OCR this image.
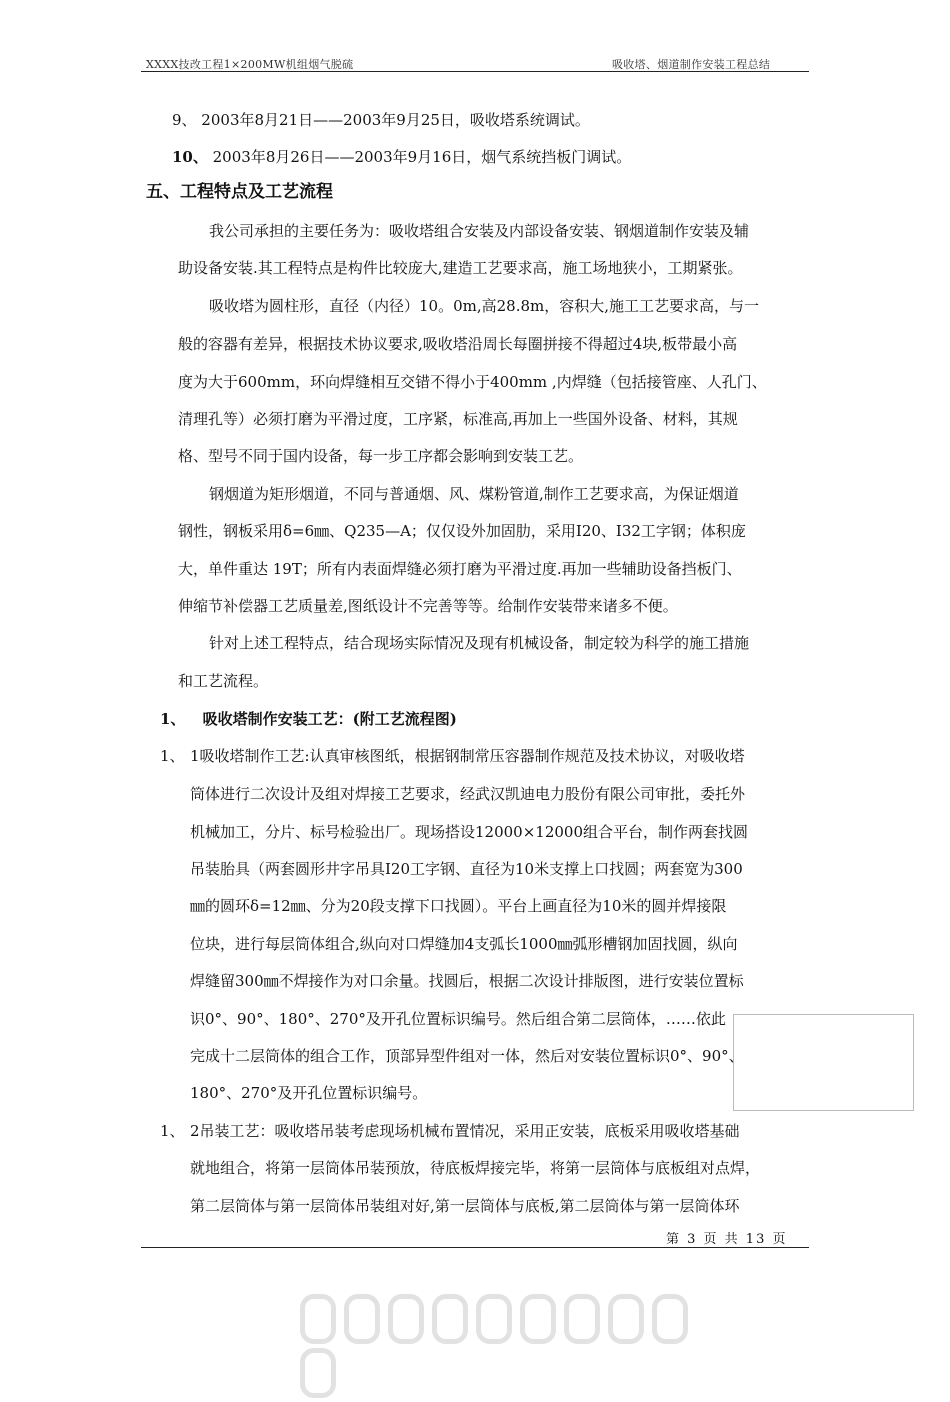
XXXX技改工程1×200MW机组烟气脱硫	吸收塔、烟道制作安装工程总结
9、 2003年8月21日——2003年9月25日，吸收塔系统调试。
10、 2003年8月26日——2003年9月16日，烟气系统挡板门调试。
五、工程特点及工艺流程
我公司承担的主要任务为：吸收塔组合安装及内部设备安装、钢烟道制作安装及辅
助设备安装.其工程特点是构件比较庞大,建造工艺要求高，施工场地狭小，工期紧张。
吸收塔为圆柱形，直径（内径）10。0m,高28.8m，容积大,施工工艺要求高，与一
般的容器有差异，根据技术协议要求,吸收塔沿周长每圈拼接不得超过4块,板带最小高
度为大于600mm，环向焊缝相互交错不得小于400mm ,内焊缝（包括接管座、人孔门、
清理孔等）必须打磨为平滑过度，工序紧，标准高,再加上一些国外设备、材料，其规
格、型号不同于国内设备，每一步工序都会影响到安装工艺。
钢烟道为矩形烟道，不同与普通烟、风、煤粉管道,制作工艺要求高，为保证烟道
钢性，钢板采用δ=6㎜、Q235—A；仅仅设外加固肋，采用I20、I32工字钢；体积庞
大，单件重达 19T；所有内表面焊缝必须打磨为平滑过度.再加一些辅助设备挡板门、
伸缩节补偿器工艺质量差,图纸设计不完善等等。给制作安装带来诸多不便。
针对上述工程特点，结合现场实际情况及现有机械设备，制定较为科学的施工措施
和工艺流程。
1、 吸收塔制作安装工艺：(附工艺流程图)
1、 1吸收塔制作工艺:认真审核图纸，根据钢制常压容器制作规范及技术协议，对吸收塔
筒体进行二次设计及组对焊接工艺要求，经武汉凯迪电力股份有限公司审批，委托外
机械加工，分片、标号检验出厂。现场搭设12000×12000组合平台，制作两套找圆
吊装胎具（两套圆形井字吊具I20工字钢、直径为10米支撑上口找圆；两套宽为300
㎜的圆环δ=12㎜、分为20段支撑下口找圆）。平台上画直径为10米的圆并焊接限
位块，进行每层筒体组合,纵向对口焊缝加4支弧长1000㎜弧形槽钢加固找圆，纵向
焊缝留300㎜不焊接作为对口余量。找圆后，根据二次设计排版图，进行安装位置标
识0°、90°、180°、270°及开孔位置标识编号。然后组合第二层筒体，……依此
完成十二层筒体的组合工作，顶部异型件组对一体，然后对安装位置标识0°、90°、
180°、270°及开孔位置标识编号。
1、 2吊装工艺：吸收塔吊装考虑现场机械布置情况，采用正安装，底板采用吸收塔基础
就地组合，将第一层筒体吊装预放，待底板焊接完毕，将第一层筒体与底板组对点焊，
第二层筒体与第一层筒体吊装组对好,第一层筒体与底板,第二层筒体与第一层筒体环
第 3 页 共 13 页
